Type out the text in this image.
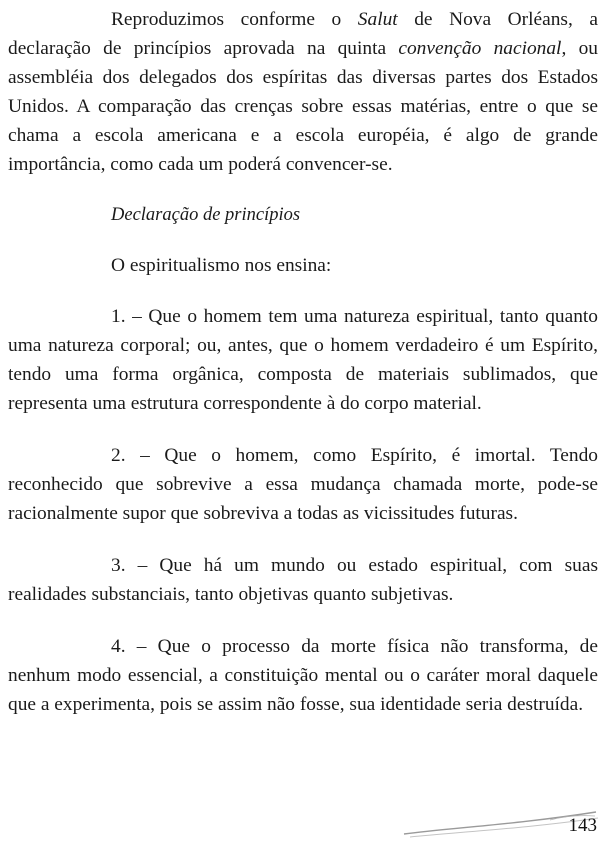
Reproduzimos conforme o Salut de Nova Orléans, a declaração de princípios aprovada na quinta convenção nacional, ou assembléia dos delegados dos espíritas das diversas partes dos Estados Unidos. A comparação das crenças sobre essas matérias, entre o que se chama a escola americana e a escola européia, é algo de grande importância, como cada um poderá convencer-se.

Declaração de princípios

O espiritualismo nos ensina:

1. – Que o homem tem uma natureza espiritual, tanto quanto uma natureza corporal; ou, antes, que o homem verdadeiro é um Espírito, tendo uma forma orgânica, composta de materiais sublimados, que representa uma estrutura correspondente à do corpo material.

2. – Que o homem, como Espírito, é imortal. Tendo reconhecido que sobrevive a essa mudança chamada morte, pode-se racionalmente supor que sobreviva a todas as vicissitudes futuras.

3. – Que há um mundo ou estado espiritual, com suas realidades substanciais, tanto objetivas quanto subjetivas.

4. – Que o processo da morte física não transforma, de nenhum modo essencial, a constituição mental ou o caráter moral daquele que a experimenta, pois se assim não fosse, sua identidade seria destruída.

143
